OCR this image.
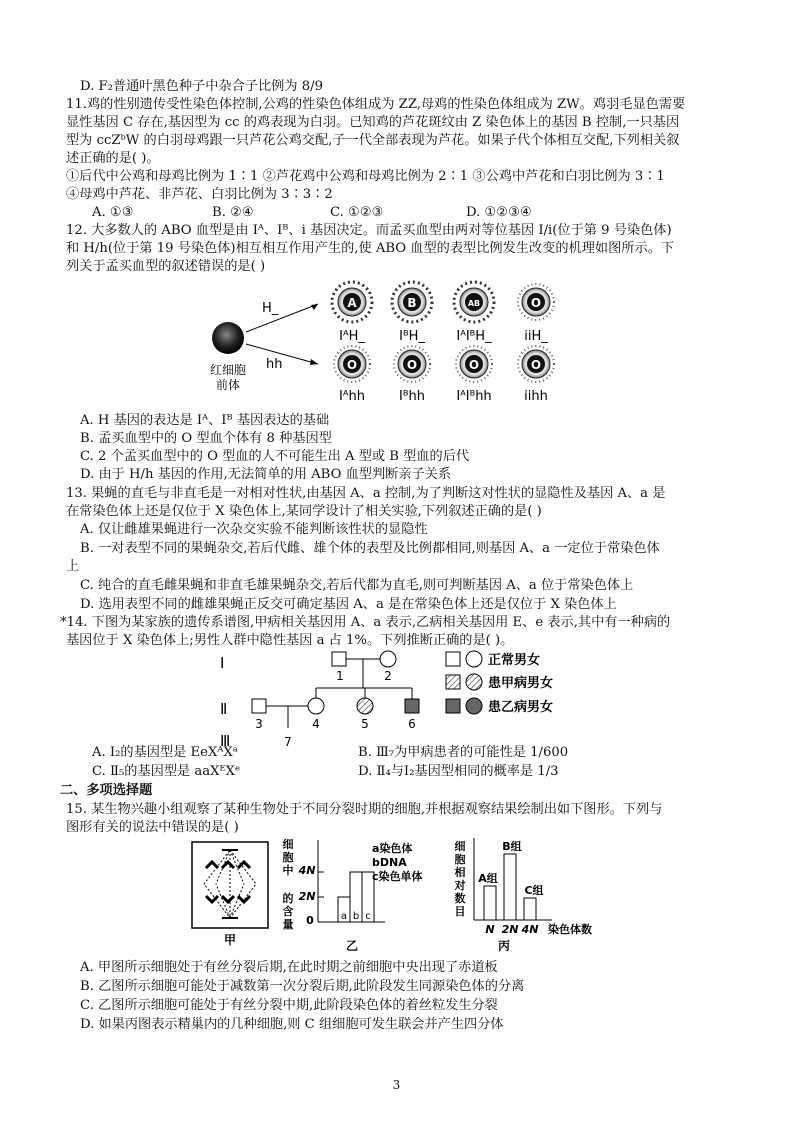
D. F₂普通叶黑色种子中杂合子比例为 8/9
11.鸡的性别遗传受性染色体控制,公鸡的性染色体组成为 ZZ,母鸡的性染色体组成为 ZW。鸡羽毛显色需要
显性基因 C 存在,基因型为 cc 的鸡表现为白羽。已知鸡的芦花斑纹由 Z 染色体上的基因 B 控制,一只基因
型为 ccZᵇW 的白羽母鸡跟一只芦花公鸡交配,子一代全部表现为芦花。如果子代个体相互交配,下列相关叙
述正确的是( )。
①后代中公鸡和母鸡比例为 1∶1 ②芦花鸡中公鸡和母鸡比例为 2∶1 ③公鸡中芦花和白羽比例为 3∶1
④母鸡中芦花、非芦花、白羽比例为 3∶3∶2
A. ①③	B. ②④	C. ①②③	D. ①②③④
12. 大多数人的 ABO 血型是由 Iᴬ、Iᴮ、i 基因决定。而孟买血型由两对等位基因 I/i(位于第 9 号染色体)
和 H/h(位于第 19 号染色体)相互相互作用产生的,使 ABO 血型的表型比例发生改变的机理如图所示。下
列关于孟买血型的叙述错误的是( )
红细胞
前体
H_
hh
A	B	AB	O
IᴬH_	IᴮH_ IᴬIᴮH_	iiH_
O	O	O	O
Iᴬhh	Iᴮhh IᴬIᴮhh iihh
A. H 基因的表达是 Iᴬ、Iᴮ 基因表达的基础
B. 孟买血型中的 O 型血个体有 8 种基因型
C. 2 个孟买血型中的 O 型血的人不可能生出 A 型或 B 型血的后代
D. 由于 H/h 基因的作用,无法简单的用 ABO 血型判断亲子关系
13. 果蝇的直毛与非直毛是一对相对性状,由基因 A、a 控制,为了判断这对性状的显隐性及基因 A、a 是
在常染色体上还是仅位于 X 染色体上,某同学设计了相关实验,下列叙述正确的是( )
A. 仅让雌雄果蝇进行一次杂交实验不能判断该性状的显隐性
B. 一对表型不同的果蝇杂交,若后代雌、雄个体的表型及比例都相同,则基因 A、a 一定位于常染色体
上
C. 纯合的直毛雌果蝇和非直毛雄果蝇杂交,若后代都为直毛,则可判断基因 A、a 位于常染色体上
D. 选用表型不同的雌雄果蝇正反交可确定基因 A、a 是在常染色体上还是仅位于 X 染色体上
*14. 下图为某家族的遗传系谱图,甲病相关基因用 A、a 表示,乙病相关基因用 E、e 表示,其中有一种病的
基因位于 X 染色体上;男性人群中隐性基因 a 占 1%。下列推断正确的是( )。
Ⅰ
Ⅱ
Ⅲ
1	2
3	4	5	6
7
正常男女
患甲病男女
患乙病男女
A. Ⅰ₂的基因型是 EeXᴬXᵃ	B. Ⅲ₇为甲病患者的可能性是 1/600
C. Ⅱ₅的基因型是 aaXᴱXᵉ	D. Ⅱ₄与Ⅰ₂基因型相同的概率是 1/3
二、多项选择题
15. 某生物兴趣小组观察了某种生物处于不同分裂时期的细胞,并根据观察结果绘制出如下图形。下列与
图形有关的说法中错误的是( )
甲
细
胞
中
的
含
量
4N
2N
0	a b c
a染色体
bDNA
c染色单体
乙
细
胞
相
对
数
目
A组
B组
C组
N 2N 4N 染色体数
丙
A. 甲图所示细胞处于有丝分裂后期,在此时期之前细胞中央出现了赤道板
B. 乙图所示细胞可能处于减数第一次分裂后期,此阶段发生同源染色体的分离
C. 乙图所示细胞可能处于有丝分裂中期,此阶段染色体的着丝粒发生分裂
D. 如果丙图表示精巢内的几种细胞,则 C 组细胞可发生联会并产生四分体
3
